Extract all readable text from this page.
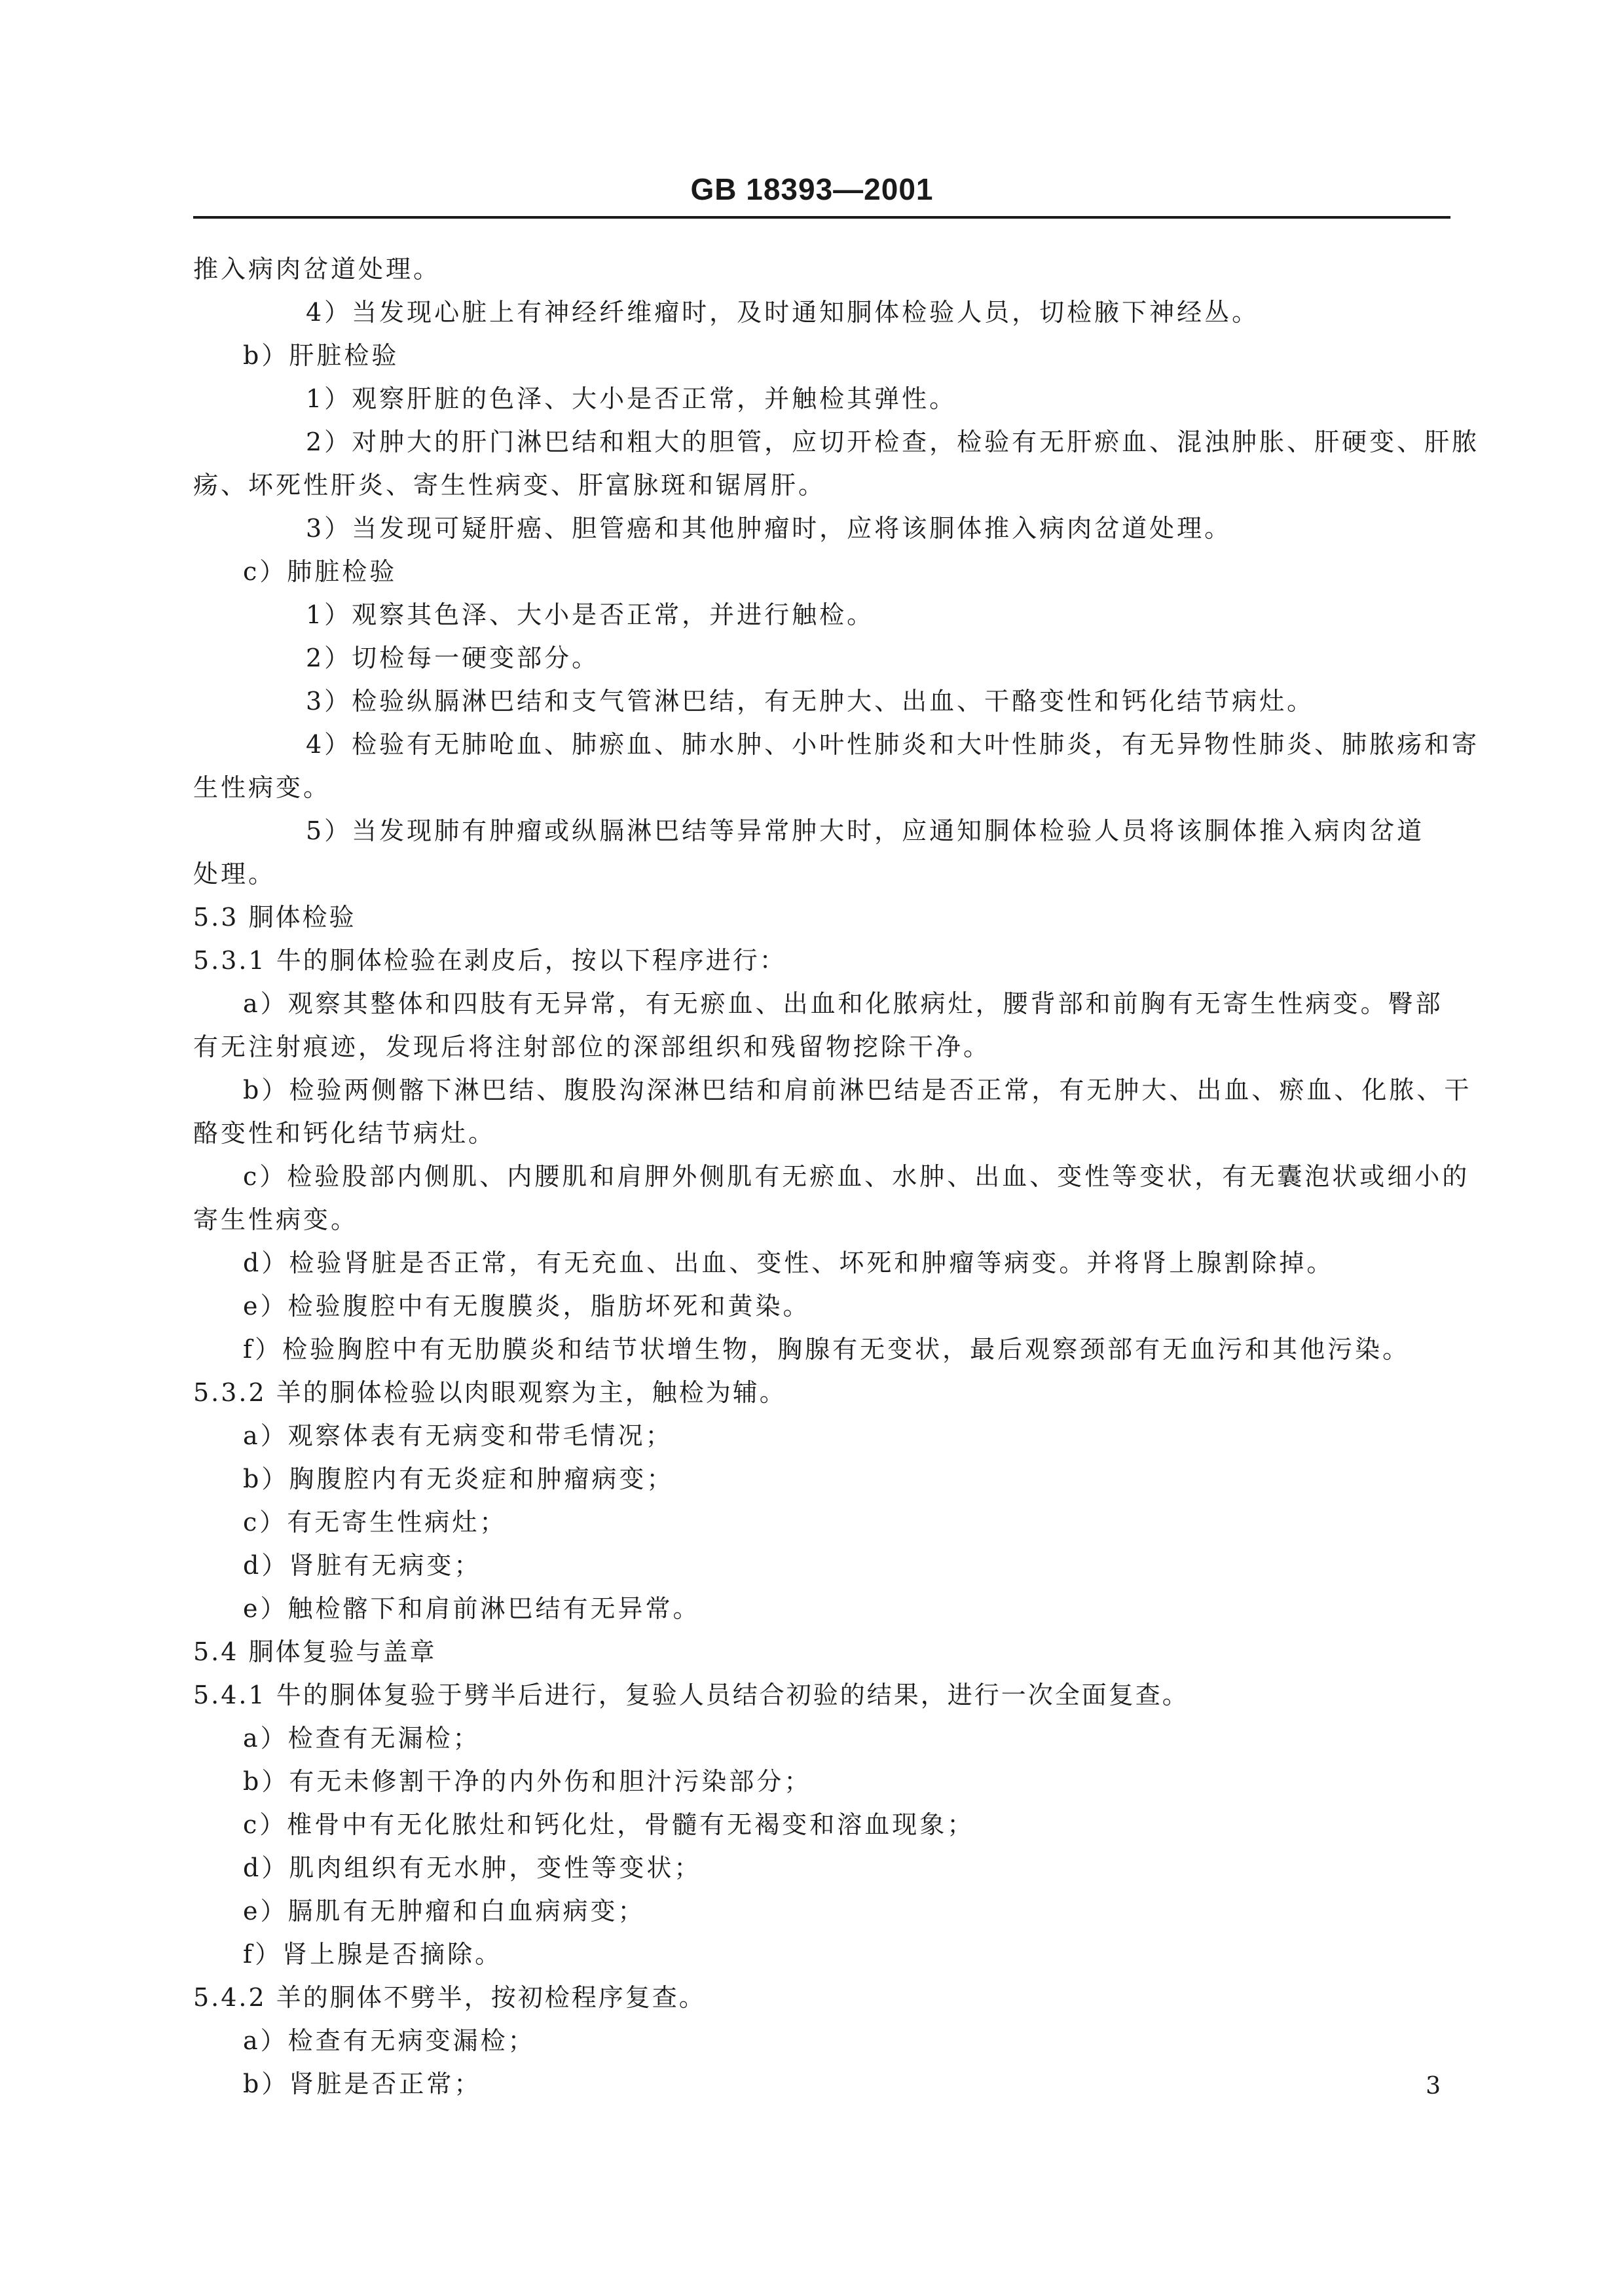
GB 18393—2001
推入病肉岔道处理。
4）当发现心脏上有神经纤维瘤时，及时通知胴体检验人员，切检腋下神经丛。
b）肝脏检验
1）观察肝脏的色泽、大小是否正常，并触检其弹性。
2）对肿大的肝门淋巴结和粗大的胆管，应切开检查，检验有无肝瘀血、混浊肿胀、肝硬变、肝脓
疡、坏死性肝炎、寄生性病变、肝富脉斑和锯屑肝。
3）当发现可疑肝癌、胆管癌和其他肿瘤时，应将该胴体推入病肉岔道处理。
c）肺脏检验
1）观察其色泽、大小是否正常，并进行触检。
2）切检每一硬变部分。
3）检验纵膈淋巴结和支气管淋巴结，有无肿大、出血、干酪变性和钙化结节病灶。
4）检验有无肺呛血、肺瘀血、肺水肿、小叶性肺炎和大叶性肺炎，有无异物性肺炎、肺脓疡和寄
生性病变。
5）当发现肺有肿瘤或纵膈淋巴结等异常肿大时，应通知胴体检验人员将该胴体推入病肉岔道
处理。
5.3 胴体检验
5.3.1 牛的胴体检验在剥皮后，按以下程序进行：
a）观察其整体和四肢有无异常，有无瘀血、出血和化脓病灶，腰背部和前胸有无寄生性病变。臀部
有无注射痕迹，发现后将注射部位的深部组织和残留物挖除干净。
b）检验两侧髂下淋巴结、腹股沟深淋巴结和肩前淋巴结是否正常，有无肿大、出血、瘀血、化脓、干
酪变性和钙化结节病灶。
c）检验股部内侧肌、内腰肌和肩胛外侧肌有无瘀血、水肿、出血、变性等变状，有无囊泡状或细小的
寄生性病变。
d）检验肾脏是否正常，有无充血、出血、变性、坏死和肿瘤等病变。并将肾上腺割除掉。
e）检验腹腔中有无腹膜炎，脂肪坏死和黄染。
f）检验胸腔中有无肋膜炎和结节状增生物，胸腺有无变状，最后观察颈部有无血污和其他污染。
5.3.2 羊的胴体检验以肉眼观察为主，触检为辅。
a）观察体表有无病变和带毛情况；
b）胸腹腔内有无炎症和肿瘤病变；
c）有无寄生性病灶；
d）肾脏有无病变；
e）触检髂下和肩前淋巴结有无异常。
5.4 胴体复验与盖章
5.4.1 牛的胴体复验于劈半后进行，复验人员结合初验的结果，进行一次全面复查。
a）检查有无漏检；
b）有无未修割干净的内外伤和胆汁污染部分；
c）椎骨中有无化脓灶和钙化灶，骨髓有无褐变和溶血现象；
d）肌肉组织有无水肿，变性等变状；
e）膈肌有无肿瘤和白血病病变；
f）肾上腺是否摘除。
5.4.2 羊的胴体不劈半，按初检程序复查。
a）检查有无病变漏检；
b）肾脏是否正常；	3
